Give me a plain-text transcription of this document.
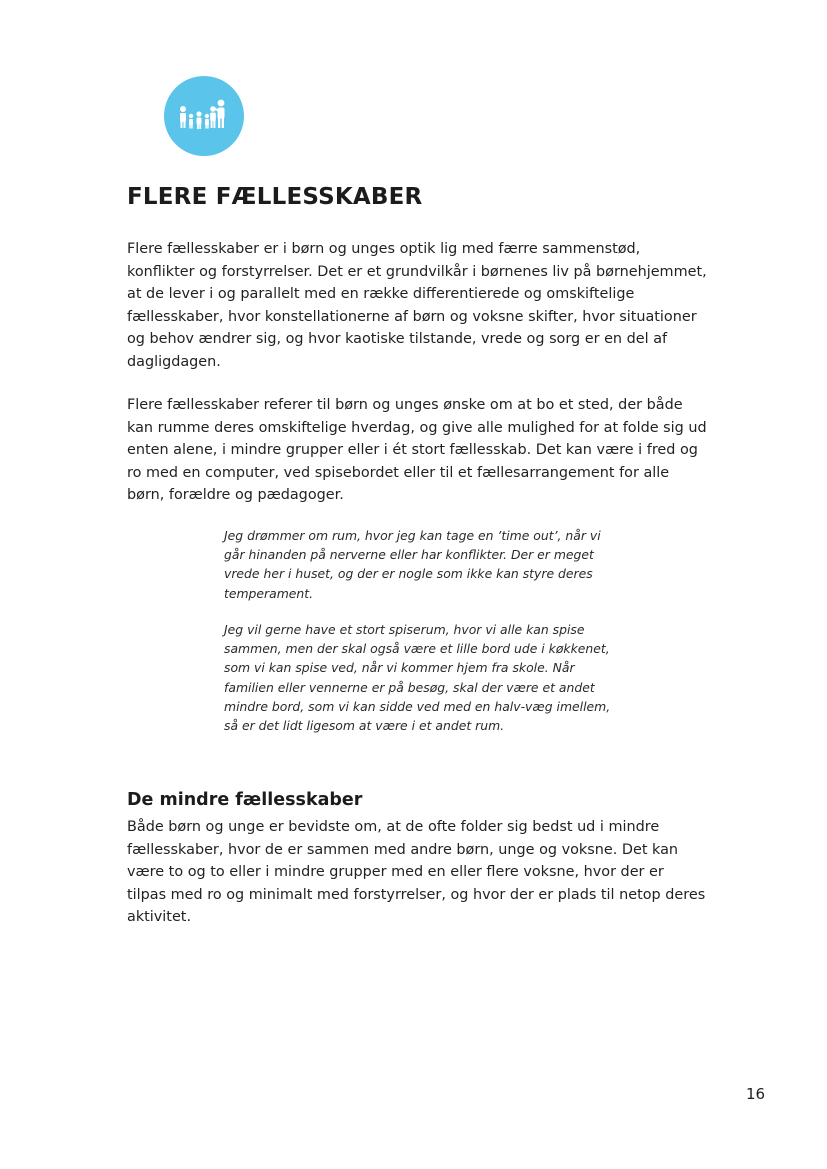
FLERE FÆLLESSKABER

Flere fællesskaber er i børn og unges optik lig med færre sammenstød, konflikter og forstyrrelser. Det er et grundvilkår i børnenes liv på børnehjemmet, at de lever i og parallelt med en række differentierede og omskiftelige fællesskaber, hvor konstellationerne af børn og voksne skifter, hvor situationer og behov ændrer sig, og hvor kaotiske tilstande, vrede og sorg er en del af dagligdagen.

Flere fællesskaber referer til børn og unges ønske om at bo et sted, der både kan rumme deres omskiftelige hverdag, og give alle mulighed for at folde sig ud enten alene, i mindre grupper eller i ét stort fællesskab. Det kan være i fred og ro med en computer, ved spisebordet eller til et fællesarrangement for alle børn, forældre og pædagoger.

Jeg drømmer om rum, hvor jeg kan tage en ’time out’, når vi går hinanden på nerverne eller har konflikter. Der er meget vrede her i huset, og der er nogle som ikke kan styre deres temperament.

Jeg vil gerne have et stort spiserum, hvor vi alle kan spise sammen, men der skal også være et lille bord ude i køkkenet, som vi kan spise ved, når vi kommer hjem fra skole. Når familien eller vennerne er på besøg, skal der være et andet mindre bord, som vi kan sidde ved med en halv-væg imellem, så er det lidt ligesom at være i et andet rum.

De mindre fællesskaber

Både børn og unge er bevidste om, at de ofte folder sig bedst ud i mindre fællesskaber, hvor de er sammen med andre børn, unge og voksne. Det kan være to og to eller i mindre grupper med en eller flere voksne, hvor der er tilpas med ro og minimalt med forstyrrelser, og hvor der er plads til netop deres aktivitet.

16
